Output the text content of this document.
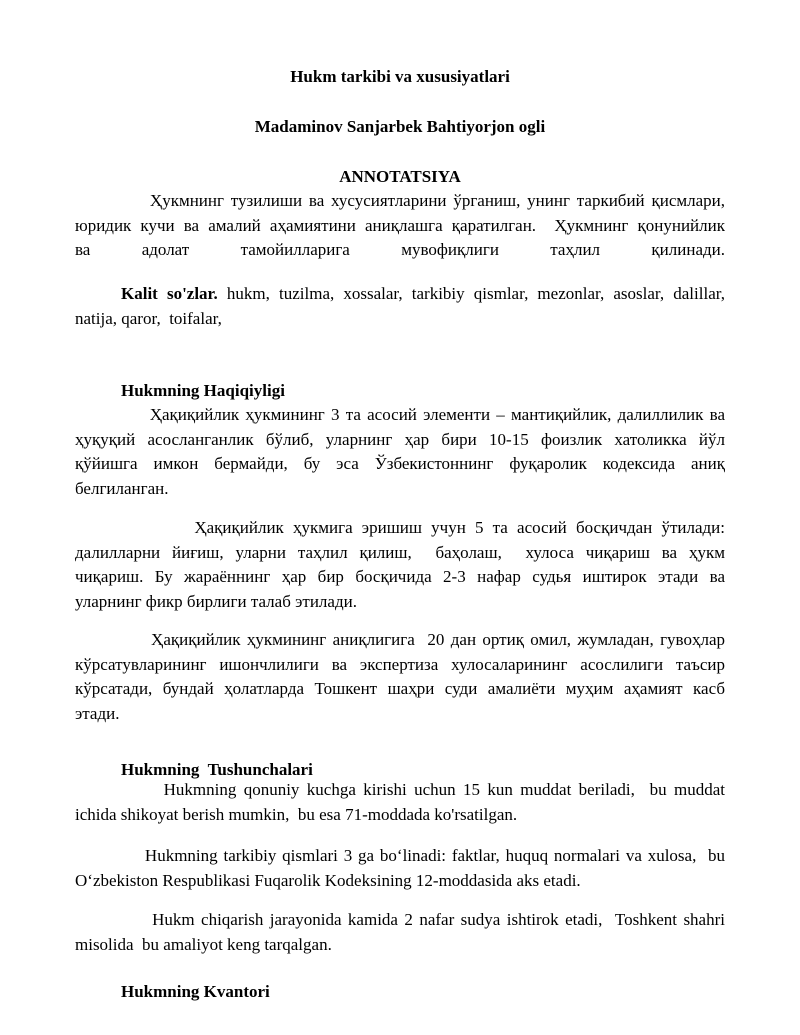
Hukm tarkibi va xususiyatlari
Madaminov Sanjarbek Bahtiyorjon ogli
ANNOTATSIYA
Ҳукмнинг тузилиши ва хусусиятларини ўрганиш, унинг таркибий қисмлари,
юридик кучи ва амалий аҳамиятини аниқлашга қаратилган.  Ҳукмнинг қонунийлик
ва адолат тамойилларига мувофиқлиги таҳлил қилинади.
Kalit so'zlar. hukm, tuzilma, xossalar, tarkibiy qismlar, mezonlar, asoslar, dalillar,
natija, qaror,  toifalar,
Hukmning Haqiqiyligi
Ҳақиқийлик ҳукмининг 3 та асосий элементи – мантиқийлик, далиллилик ва
ҳуқуқий асосланганлик бўлиб, уларнинг ҳар бири 10-15 фоизлик хатоликка йўл
қўйишга имкон бермайди, бу эса Ўзбекистоннинг фуқаролик кодексида аниқ
белгиланган.
Ҳақиқийлик ҳукмига эришиш учун 5 та асосий босқичдан ўтилади:
далилларни йиғиш, уларни таҳлил қилиш,  баҳолаш,  хулоса чиқариш ва ҳукм
чиқариш. Бу жараённинг ҳар бир босқичида 2-3 нафар судья иштирок этади ва
уларнинг фикр бирлиги талаб этилади.
Ҳақиқийлик ҳукмининг аниқлигига  20 дан ортиқ омил, жумладан, гувоҳлар
кўрсатувларининг ишончлилиги ва экспертиза хулосаларининг асослилиги таъсир
кўрсатади, бундай ҳолатларда Тошкент шаҳри суди амалиёти муҳим аҳамият касб
этади.
Hukmning  Tushunchalari
Hukmning qonuniy kuchga kirishi uchun 15 kun muddat beriladi,  bu muddat
ichida shikoyat berish mumkin,  bu esa 71-moddada ko'rsatilgan.
Hukmning tarkibiy qismlari 3 ga bo‘linadi: faktlar, huquq normalari va xulosa,  bu
O‘zbekiston Respublikasi Fuqarolik Kodeksining 12-moddasida aks etadi.
Hukm chiqarish jarayonida kamida 2 nafar sudya ishtirok etadi,  Toshkent shahri
misolida  bu amaliyot keng tarqalgan.
Hukmning Kvantori
